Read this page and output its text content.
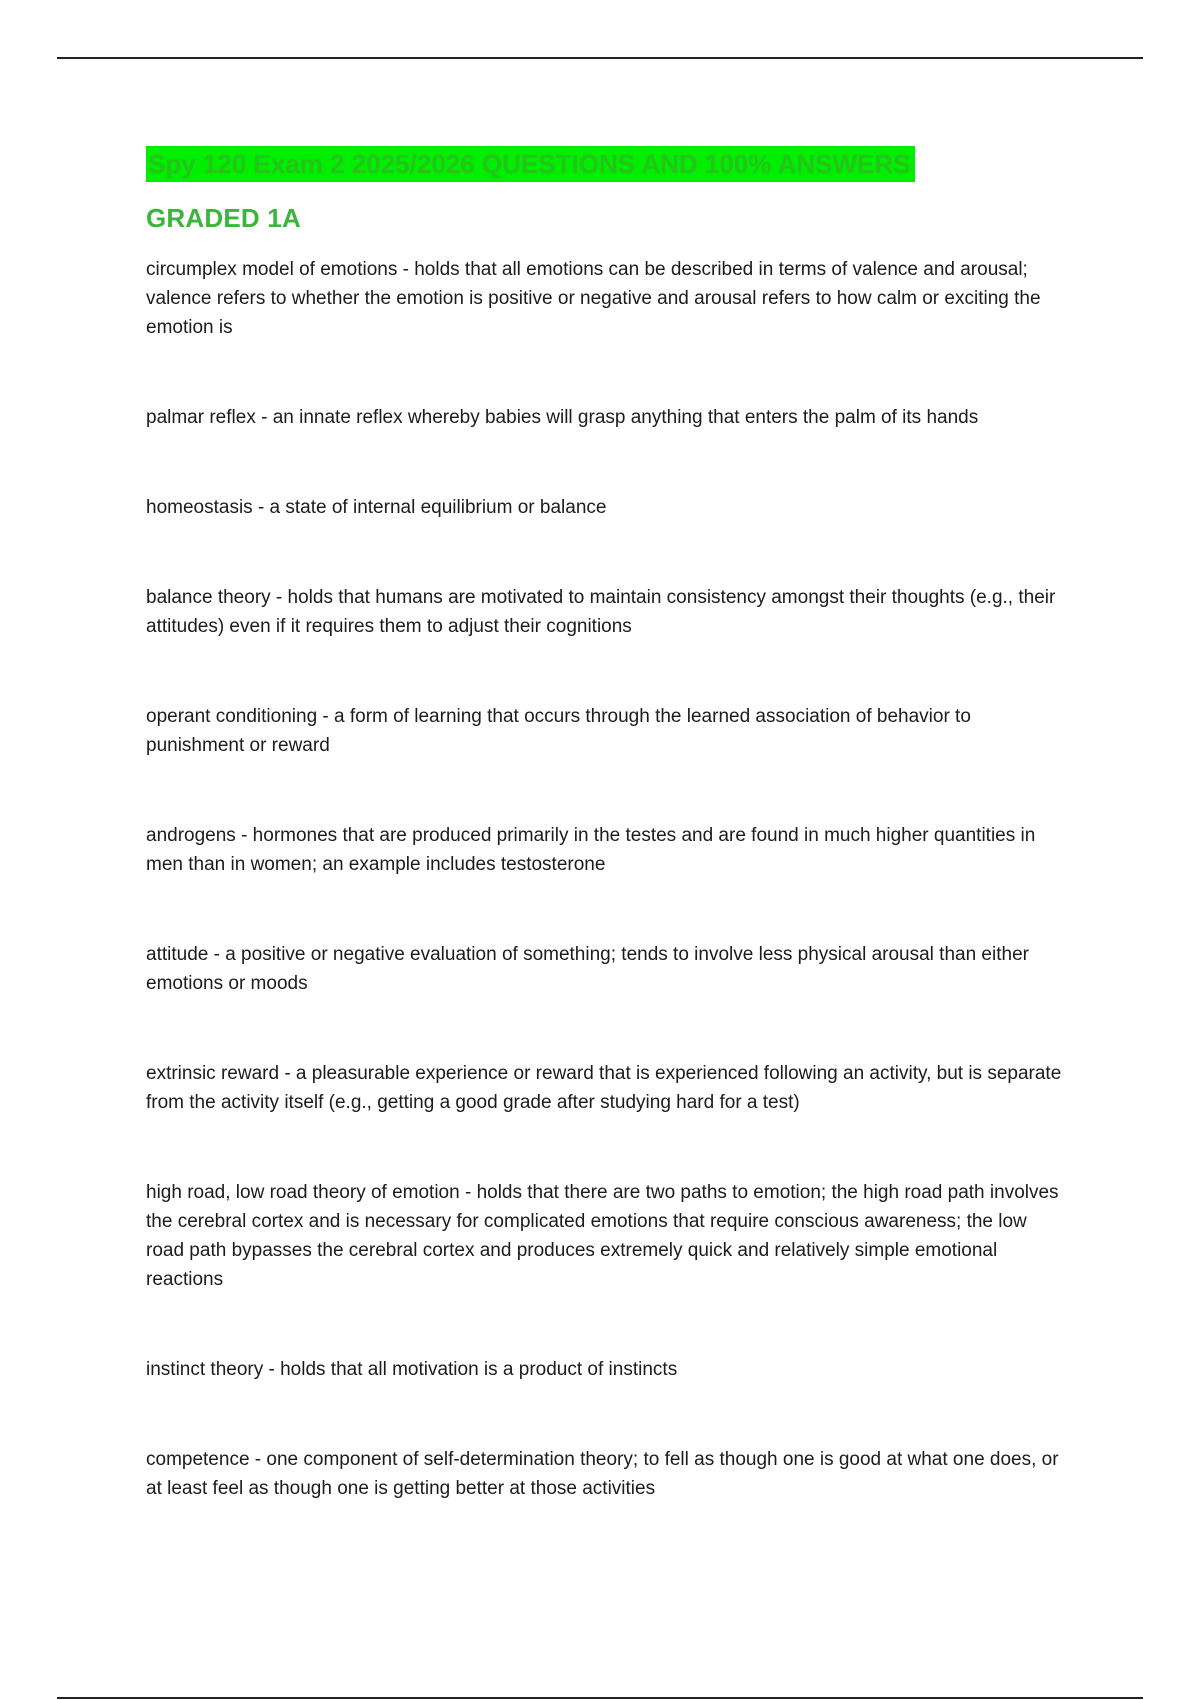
Spy 120 Exam 2 2025/2026 QUESTIONS AND 100% ANSWERS
GRADED 1A

circumplex model of emotions - holds that all emotions can be described in terms of valence and arousal; valence refers to whether the emotion is positive or negative and arousal refers to how calm or exciting the emotion is

palmar reflex - an innate reflex whereby babies will grasp anything that enters the palm of its hands

homeostasis - a state of internal equilibrium or balance

balance theory - holds that humans are motivated to maintain consistency amongst their thoughts (e.g., their attitudes) even if it requires them to adjust their cognitions

operant conditioning - a form of learning that occurs through the learned association of behavior to punishment or reward

androgens - hormones that are produced primarily in the testes and are found in much higher quantities in men than in women; an example includes testosterone

attitude - a positive or negative evaluation of something; tends to involve less physical arousal than either emotions or moods

extrinsic reward - a pleasurable experience or reward that is experienced following an activity, but is separate from the activity itself (e.g., getting a good grade after studying hard for a test)

high road, low road theory of emotion - holds that there are two paths to emotion; the high road path involves the cerebral cortex and is necessary for complicated emotions that require conscious awareness; the low road path bypasses the cerebral cortex and produces extremely quick and relatively simple emotional reactions

instinct theory - holds that all motivation is a product of instincts

competence - one component of self-determination theory; to fell as though one is good at what one does, or at least feel as though one is getting better at those activities
